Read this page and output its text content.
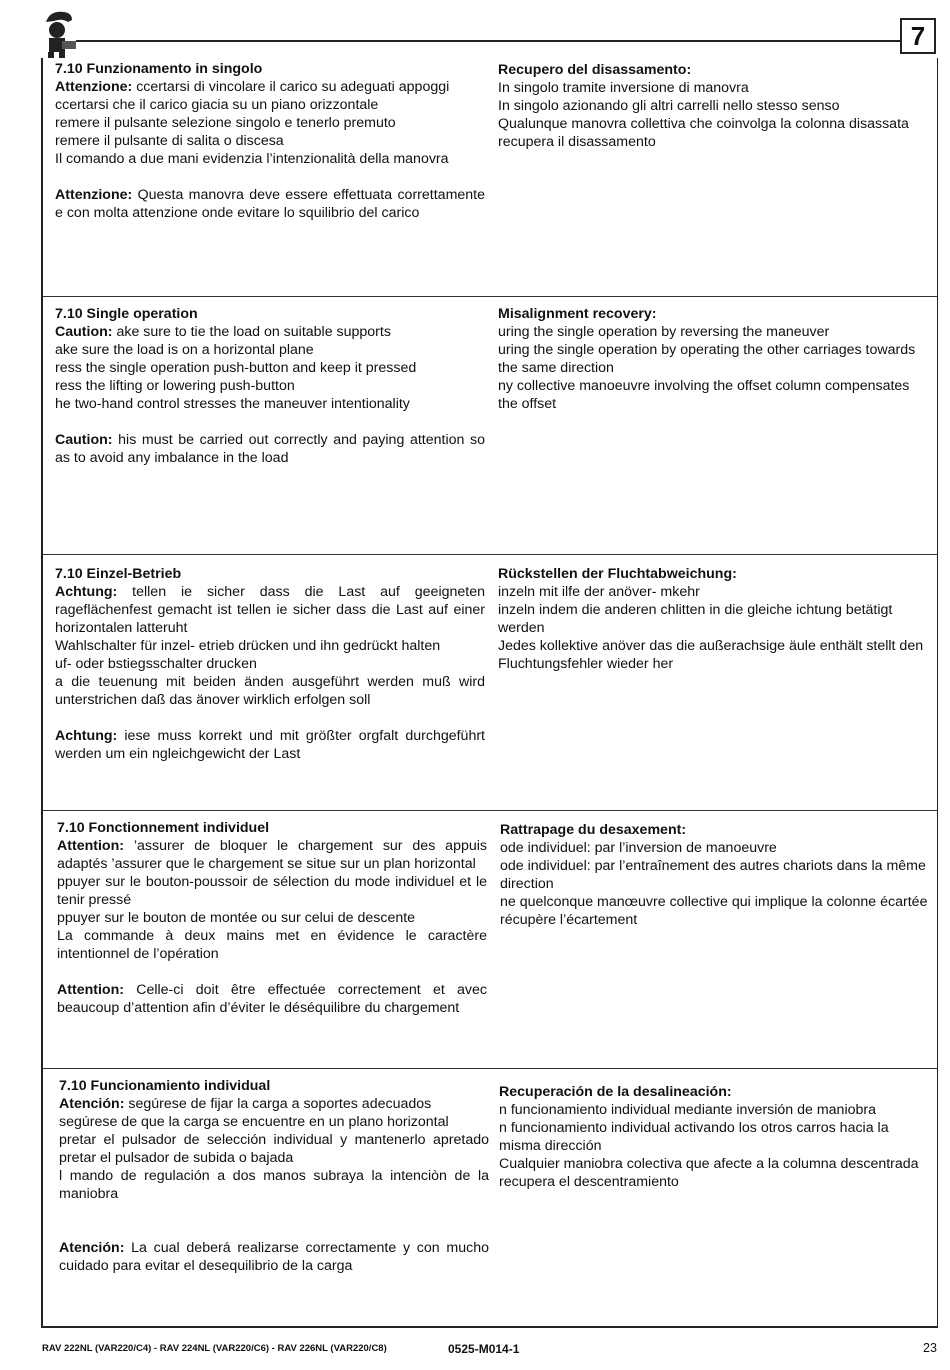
7

7.10 Funzionamento in singolo

Attenzione: ccertarsi di vincolare il carico su adeguati appoggi

ccertarsi che il carico giacia su un piano orizzontale

remere il pulsante selezione singolo e tenerlo premuto

remere il pulsante di salita o discesa

Il comando a due mani evidenzia l’intenzionalità della manovra

Attenzione: Questa manovra deve essere effettuata correttamente e con molta attenzione onde evitare lo squilibrio del carico

Recupero del disassamento:

In singolo tramite inversione di manovra

In singolo azionando gli altri carrelli nello stesso senso

Qualunque manovra collettiva che coinvolga la colonna disassata recupera il disassamento

7.10 Single operation

Caution: ake sure to tie the load on suitable supports

ake sure the load is on a horizontal plane

ress the single operation push-button and keep it pressed

ress the lifting or lowering push-button

he two-hand control stresses the maneuver intentionality

Caution: his must be carried out correctly and paying attention so as to avoid any imbalance in the load

Misalignment recovery:

uring the single operation by reversing the maneuver

uring the single operation by operating the other carriages towards the same direction

ny collective manoeuvre involving the offset column compensates the offset

7.10 Einzel-Betrieb

Achtung: tellen ie sicher dass die Last auf geeigneten rageflächenfest gemacht ist tellen ie sicher dass die Last auf einer horizontalen latteruht

Wahlschalter für inzel- etrieb drücken und ihn gedrückt halten

uf- oder bstiegsschalter drucken

a die teuenung mit beiden änden ausgeführt werden muß wird unterstrichen daß das änover wirklich erfolgen soll

Achtung: iese muss korrekt und mit größter orgfalt durchgeführt werden um ein ngleichgewicht der Last

Rückstellen der Fluchtabweichung:

inzeln mit ilfe der anöver- mkehr

inzeln indem die anderen chlitten in die gleiche ichtung betätigt werden

Jedes kollektive anöver das die außerachsige äule enthält stellt den Fluchtungsfehler wieder her

7.10 Fonctionnement individuel

Attention: ’assurer de bloquer le chargement sur des appuis adaptés ’assurer que le chargement se situe sur un plan horizontal

ppuyer sur le bouton-poussoir de sélection du mode individuel et le tenir pressé

ppuyer sur le bouton de montée ou sur celui de descente

La commande à deux mains met en évidence le caractère intentionnel de l’opération

Attention: Celle-ci doit être effectuée correctement et avec beaucoup d’attention afin d’éviter le déséquilibre du chargement

Rattrapage du desaxement:

ode individuel: par l’inversion de manoeuvre

ode individuel: par l’entraînement des autres chariots dans la même direction

ne quelconque manœuvre collective qui implique la colonne écartée récupère l’écartement

7.10 Funcionamiento individual

Atención: segúrese de fijar la carga a soportes adecuados

segúrese de que la carga se encuentre en un plano horizontal

pretar el pulsador de selección individual y mantenerlo apretado pretar el pulsador de subida o bajada

l mando de regulación a dos manos subraya la intenciòn de la maniobra

Atención: La cual deberá realizarse correctamente y con mucho cuidado para evitar el desequilibrio de la carga

Recuperación de la desalineación:

n funcionamiento individual mediante inversión de maniobra

n funcionamiento individual activando los otros carros hacia la misma dirección

Cualquier maniobra colectiva que afecte a la columna descentrada recupera el descentramiento

RAV 222NL (VAR220/C4) - RAV 224NL (VAR220/C6) - RAV 226NL (VAR220/C8)	0525-M014-1	23
